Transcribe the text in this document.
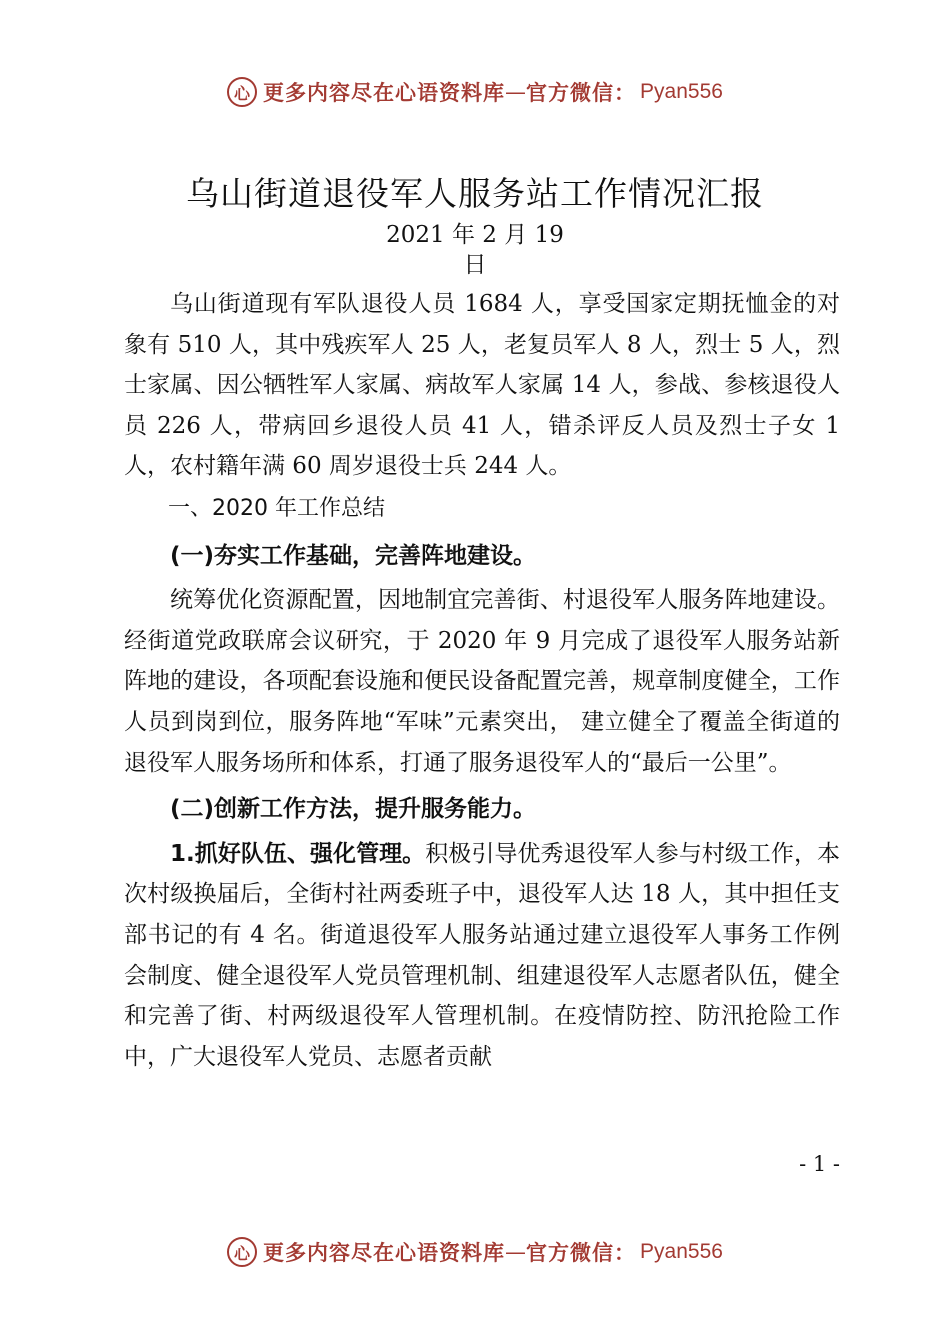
心 更多内容尽在心语资料库 — 官方微信： Pyan556
乌山街道退役军人服务站工作情况汇报
2021 年 2 月 19
日

乌山街道现有军队退役人员 1684 人，享受国家定期抚恤金的对象有 510 人，其中残疾军人 25 人，老复员军人 8 人，烈士 5 人，烈士家属、因公牺牲军人家属、病故军人家属 14 人，参战、参核退役人员 226 人，带病回乡退役人员 41 人，错杀评反人员及烈士子女 1 人，农村籍年满 60 周岁退役士兵 244 人。

一、2020 年工作总结

(一)夯实工作基础，完善阵地建设。

统筹优化资源配置，因地制宜完善街、村退役军人服务阵地建设。经街道党政联席会议研究，于 2020 年 9 月完成了退役军人服务站新阵地的建设，各项配套设施和便民设备配置完善，规章制度健全，工作人员到岗到位，服务阵地“军味”元素突出， 建立健全了覆盖全街道的退役军人服务场所和体系，打通了服务退役军人的“最后一公里”。

(二)创新工作方法，提升服务能力。

1.抓好队伍、强化管理。积极引导优秀退役军人参与村级工作，本次村级换届后，全街村社两委班子中，退役军人达 18 人，其中担任支部书记的有 4 名。街道退役军人服务站通过建立退役军人事务工作例会制度、健全退役军人党员管理机制、组建退役军人志愿者队伍，健全和完善了街、村两级退役军人管理机制。在疫情防控、防汛抢险工作中，广大退役军人党员、志愿者贡献

- 1 -
心 更多内容尽在心语资料库 — 官方微信： Pyan556
